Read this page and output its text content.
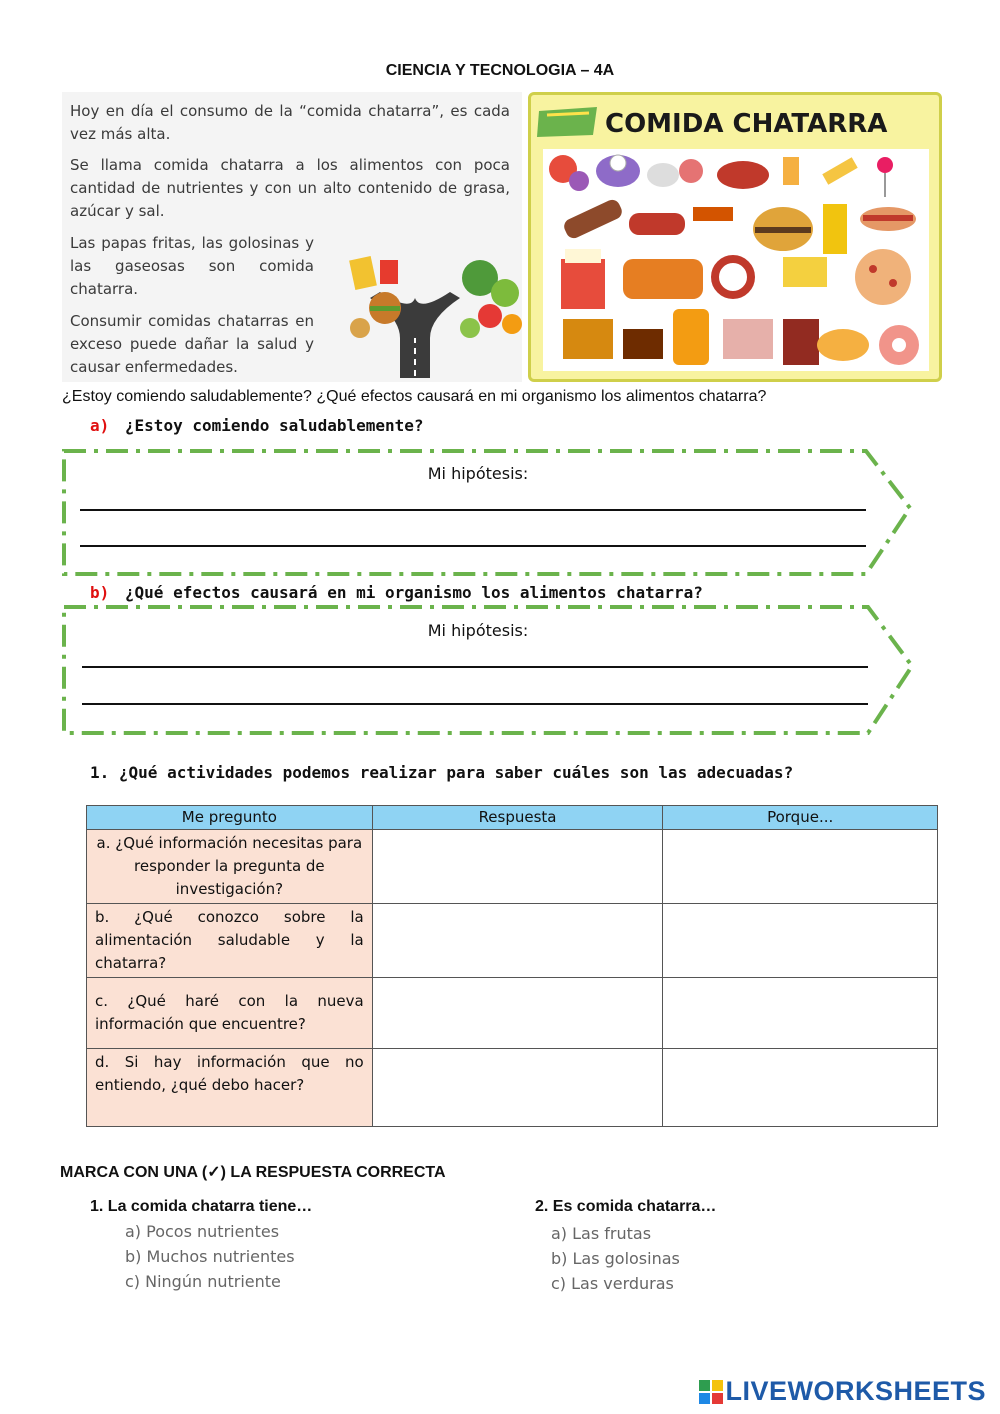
CIENCIA Y TECNOLOGIA – 4A

Hoy en día el consumo de la “comida chatarra”, es cada vez más alta.

Se llama comida chatarra a los alimentos con poca cantidad de nutrientes y con un alto contenido de grasa, azúcar y sal.

Las papas fritas, las golosinas y las gaseosas son comida chatarra.

Consumir comidas chatarras en exceso puede dañar la salud y causar enfermedades.

COMIDA CHATARRA
¿Estoy comiendo saludablemente? ¿Qué efectos causará en mi organismo los alimentos chatarra?
a) ¿Estoy comiendo saludablemente?
Mi hipótesis:
b) ¿Qué efectos causará en mi organismo los alimentos chatarra?
Mi hipótesis:
1. ¿Qué actividades podemos realizar para saber cuáles son las adecuadas?
Me pregunto	Respuesta	Porque...
a. ¿Qué información necesitas para responder la pregunta de investigación?		
b. ¿Qué conozco sobre la alimentación saludable y la chatarra?		
c. ¿Qué haré con la nueva información que encuentre?		
d. Si hay información que no entiendo, ¿qué debo hacer?		
MARCA CON UNA (✓) LA RESPUESTA CORRECTA
1. La comida chatarra tiene…
a) Pocos nutrientes
b) Muchos nutrientes
c) Ningún nutriente
2. Es comida chatarra…
a) Las frutas
b) Las golosinas
c) Las verduras
LIVEWORKSHEETS
